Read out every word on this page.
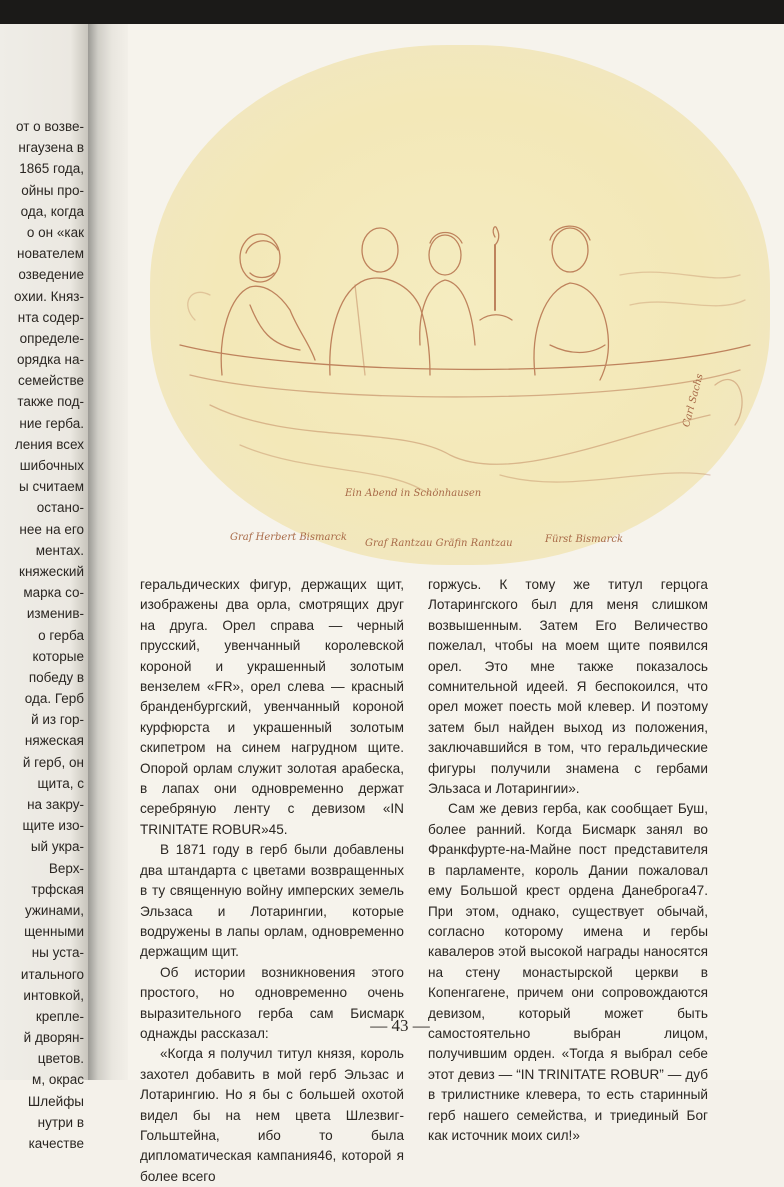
от о возве-
нгаузена в
1865 года,
ойны про-
ода, когда
о он «как
нователем
озведение
охии. Княз-
нта содер-
определе-
орядка на-
семействе
также под-
ние герба.
ления всех
шибочных
ы считаем
остано-
нее на его
ментах.
княжеский
марка со-
изменив-
о герба
которые
победу в
ода. Герб
й из гор-
няжеская
й герб, он
щита, с
на закру-
щите изо-
ый укра-
Верх-
трфская
ужинами,
щенными
ны уста-
итального
интовкой,
крепле-
й дворян-
цветов.
м, окрас
Шлейфы
нутри в
качестве
Ein Abend in Schönhausen
Graf Herbert Bismarck
Graf Rantzau Gräfin Rantzau	Fürst Bismarck
Carl Sachs

геральдических фигур, держащих щит, изображены два орла, смотрящих друг на друга. Орел справа — черный прусский, увенчанный королевской короной и украшенный золотым вензелем «FR», орел слева — красный бранденбургский, увенчанный короной курфюрста и украшенный золотым скипетром на синем нагрудном щите. Опорой орлам служит золотая арабеска, в лапах они одновременно держат серебряную ленту с девизом «IN TRINITATE ROBUR»45.

В 1871 году в герб были добавлены два штандарта с цветами возвращенных в ту священную войну имперских земель Эльзаса и Лотарингии, которые водружены в лапы орлам, одновременно держащим щит.

Об истории возникновения этого простого, но одновременно очень выразительного герба сам Бисмарк однажды рассказал:

«Когда я получил титул князя, король захотел добавить в мой герб Эльзас и Лотарингию. Но я бы с большей охотой видел бы на нем цвета Шлезвиг-Гольштейна, ибо то была дипломатическая кампания46, которой я более всего

горжусь. К тому же титул герцога Лотарингского был для меня слишком возвышенным. Затем Его Величество пожелал, чтобы на моем щите появился орел. Это мне также показалось сомнительной идеей. Я беспокоился, что орел может поесть мой клевер. И поэтому затем был найден выход из положения, заключавшийся в том, что геральдические фигуры получили знамена с гербами Эльзаса и Лотарингии».

Сам же девиз герба, как сообщает Буш, более ранний. Когда Бисмарк занял во Франкфурте-на-Майне пост представителя в парламенте, король Дании пожаловал ему Большой крест ордена Данеброга47. При этом, однако, существует обычай, согласно которому имена и гербы кавалеров этой высокой награды наносятся на стену монастырской церкви в Копенгагене, причем они сопровождаются девизом, который может быть самостоятельно выбран лицом, получившим орден. «Тогда я выбрал себе этот девиз — “IN TRINITATE ROBUR” — дуб в трилистнике клевера, то есть старинный герб нашего семейства, и триединый Бог как источник моих сил!»

— 43 —
